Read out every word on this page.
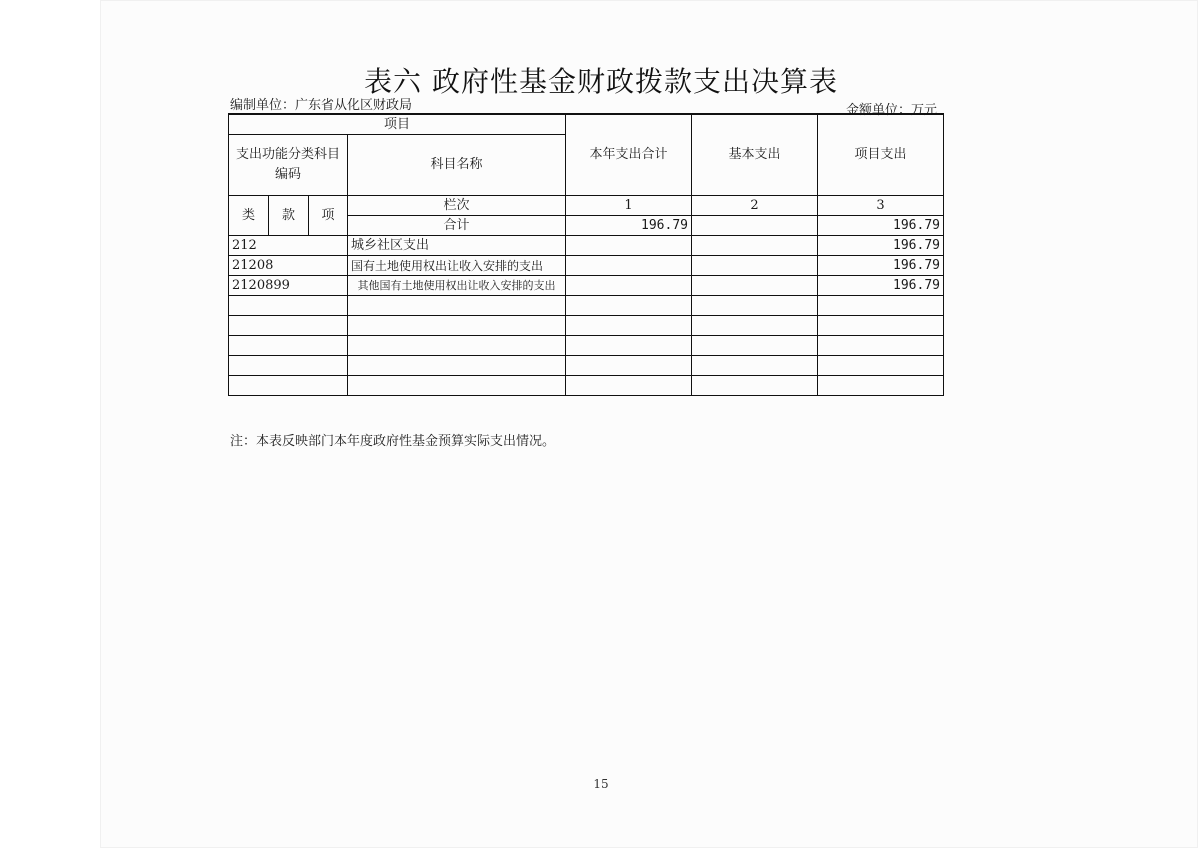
表六 政府性基金财政拨款支出决算表
编制单位：广东省从化区财政局	金额单位：万元
项目				本年支出合计	基本支出	项目支出
支出功能分类科目编码			科目名称			

类	款	项	栏次	1	2	3
			合计	196.79		196.79
212			城乡社区支出			196.79
21208			国有土地使用权出让收入安排的支出			196.79
2120899			其他国有土地使用权出让收入安排的支出			196.79

注：本表反映部门本年度政府性基金预算实际支出情况。
15
